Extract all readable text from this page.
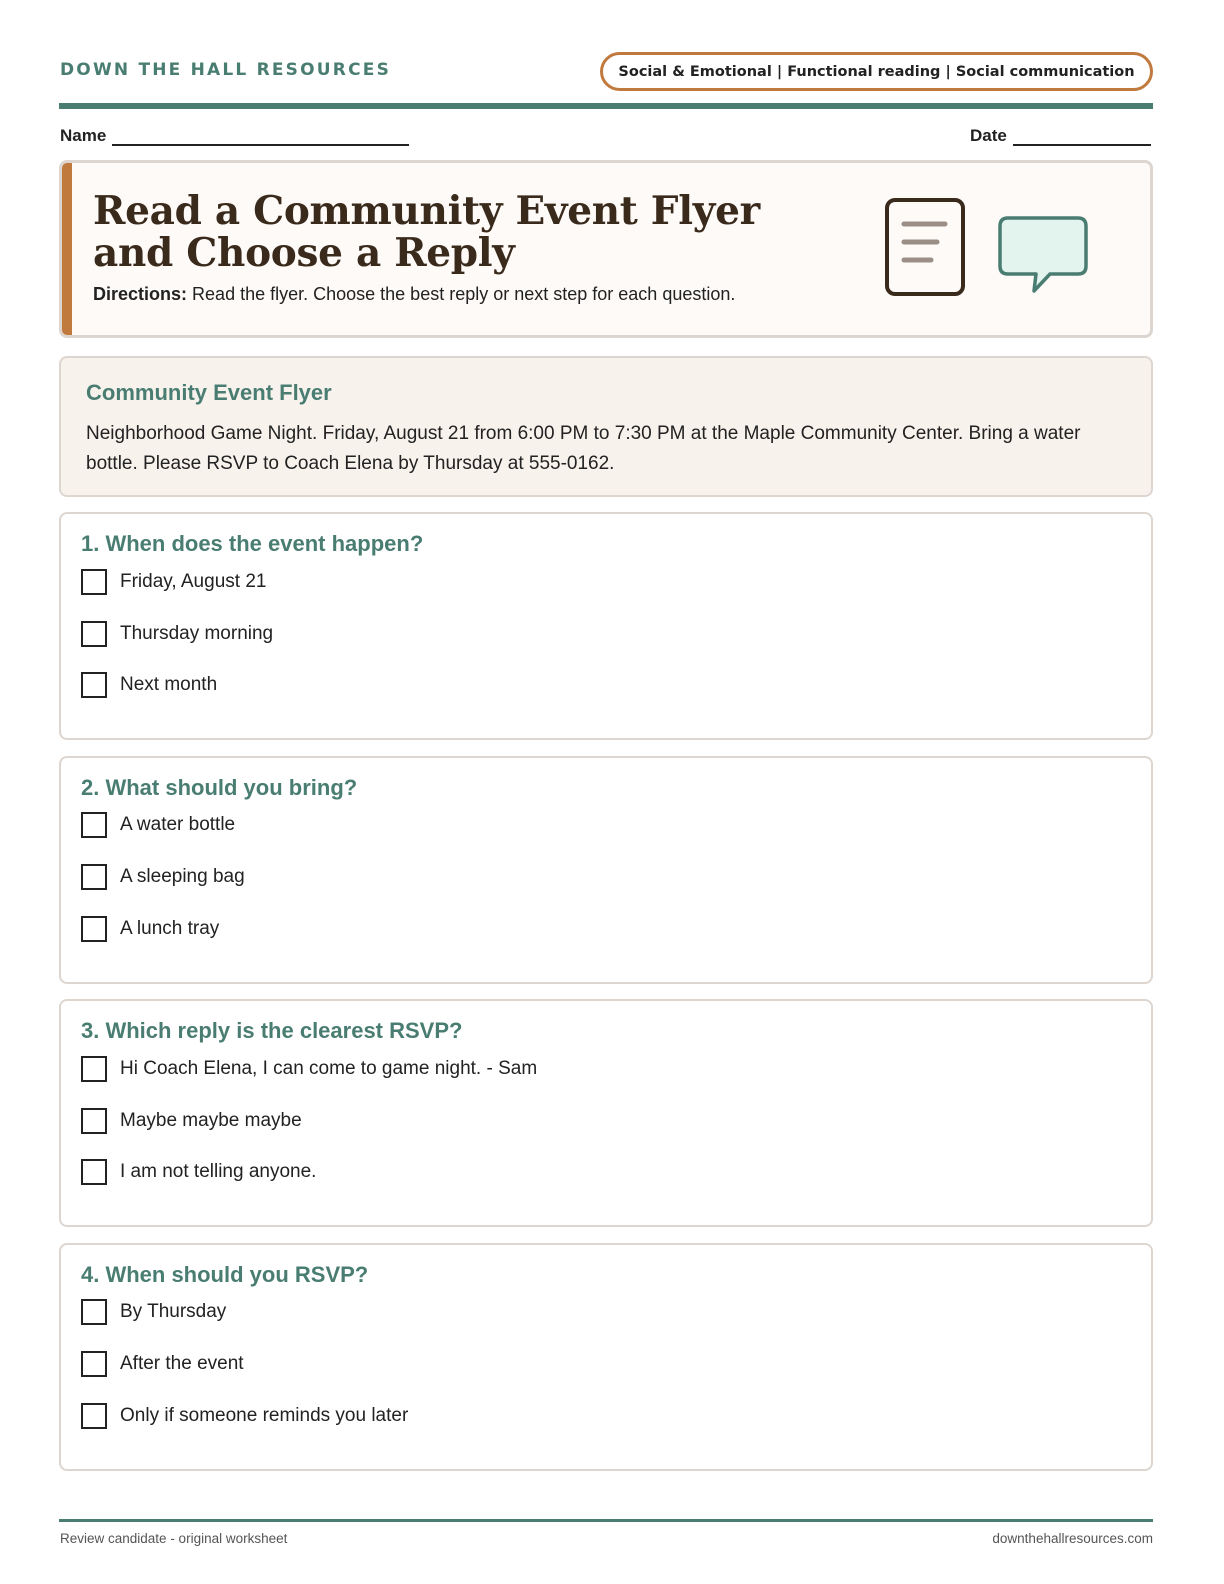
DOWN THE HALL RESOURCES	Social & Emotional | Functional reading | Social communication
Name	Date
Read a Community Event Flyer and Choose a Reply
Directions: Read the flyer. Choose the best reply or next step for each question.
Community Event Flyer

Neighborhood Game Night. Friday, August 21 from 6:00 PM to 7:30 PM at the Maple Community Center. Bring a water bottle. Please RSVP to Coach Elena by Thursday at 555-0162.

1. When does the event happen?
Friday, August 21
Thursday morning
Next month
2. What should you bring?
A water bottle
A sleeping bag
A lunch tray
3. Which reply is the clearest RSVP?
Hi Coach Elena, I can come to game night. - Sam
Maybe maybe maybe
I am not telling anyone.
4. When should you RSVP?
By Thursday
After the event
Only if someone reminds you later
Review candidate - original worksheet	downthehallresources.com
